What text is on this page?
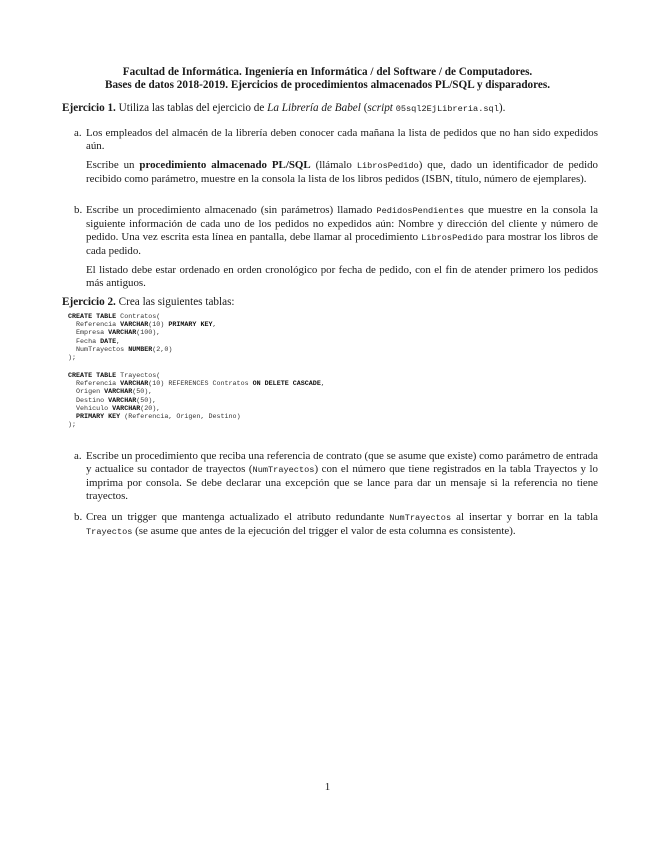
Facultad de Informática. Ingeniería en Informática / del Software / de Computadores.
Bases de datos 2018-2019. Ejercicios de procedimientos almacenados PL/SQL y disparadores.
Ejercicio 1. Utiliza las tablas del ejercicio de La Librería de Babel (script 05sql2EjLibreria.sql).
a. Los empleados del almacén de la librería deben conocer cada mañana la lista de pedidos que no han sido expedidos aún.

Escribe un procedimiento almacenado PL/SQL (llámalo LibrosPedido) que, dado un identificador de pedido recibido como parámetro, muestre en la consola la lista de los libros pedidos (ISBN, título, número de ejemplares).

b. Escribe un procedimiento almacenado (sin parámetros) llamado PedidosPendientes que muestre en la consola la siguiente información de cada uno de los pedidos no expedidos aún: Nombre y dirección del cliente y número de pedido. Una vez escrita esta línea en pantalla, debe llamar al procedimiento LibrosPedido para mostrar los libros de cada pedido.

El listado debe estar ordenado en orden cronológico por fecha de pedido, con el fin de atender primero los pedidos más antiguos.

Ejercicio 2. Crea las siguientes tablas:
CREATE TABLE Contratos(
Referencia VARCHAR(10) PRIMARY KEY,
Empresa VARCHAR(100),
Fecha DATE,
NumTrayectos NUMBER(2,0)
);
CREATE TABLE Trayectos(
Referencia VARCHAR(10) REFERENCES Contratos ON DELETE CASCADE,
Origen VARCHAR(50),
Destino VARCHAR(50),
Vehiculo VARCHAR(20),
PRIMARY KEY (Referencia, Origen, Destino)
);
a. Escribe un procedimiento que reciba una referencia de contrato (que se asume que existe) como parámetro de entrada y actualice su contador de trayectos (NumTrayectos) con el número que tiene registrados en la tabla Trayectos y lo imprima por consola. Se debe declarar una excepción que se lance para dar un mensaje si la referencia no tiene trayectos.

b. Crea un trigger que mantenga actualizado el atributo redundante NumTrayectos al insertar y borrar en la tabla Trayectos (se asume que antes de la ejecución del trigger el valor de esta columna es consistente).

1
